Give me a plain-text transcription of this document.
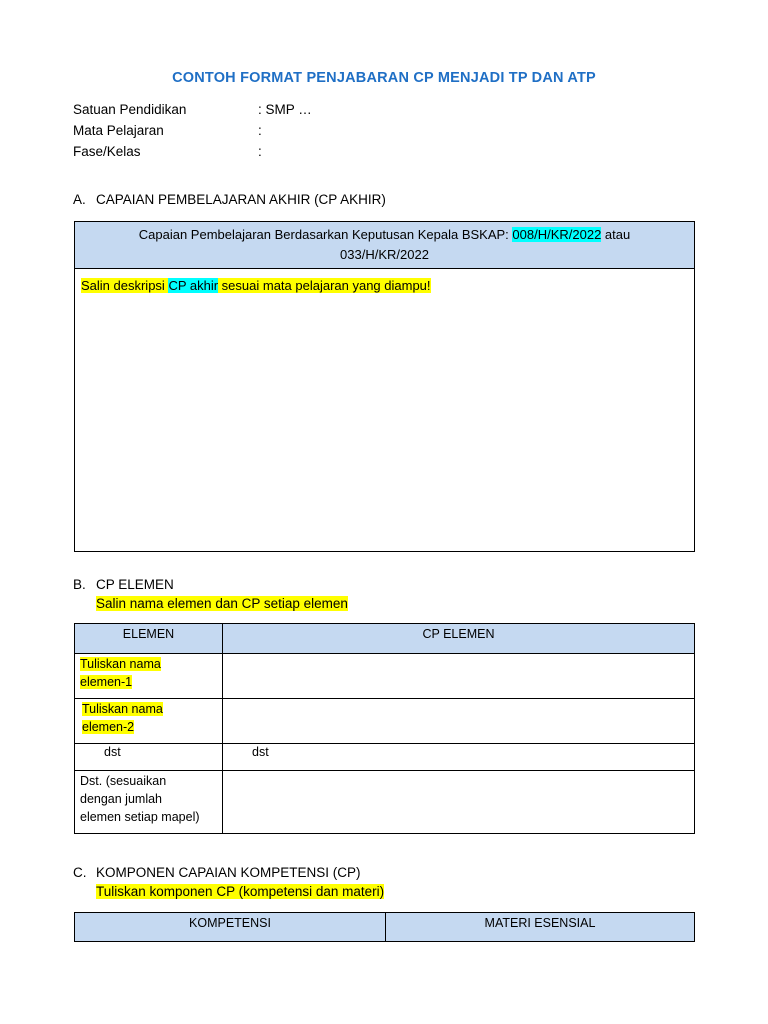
CONTOH FORMAT PENJABARAN CP MENJADI TP DAN ATP
Satuan Pendidikan	: SMP …
Mata Pelajaran	:
Fase/Kelas	:
A. CAPAIAN PEMBELAJARAN AKHIR (CP AKHIR)
Capaian Pembelajaran Berdasarkan Keputusan Kepala BSKAP: 008/H/KR/2022 atau
033/H/KR/2022
Salin deskripsi CP akhir sesuai mata pelajaran yang diampu!
B. CP ELEMEN
Salin nama elemen dan CP setiap elemen
ELEMEN	CP ELEMEN
Tuliskan nama
elemen-1	
Tuliskan nama
elemen-2	
dst	dst
Dst. (sesuaikan
dengan jumlah
elemen setiap mapel)	
C. KOMPONEN CAPAIAN KOMPETENSI (CP)
Tuliskan komponen CP (kompetensi dan materi)
KOMPETENSI	MATERI ESENSIAL
